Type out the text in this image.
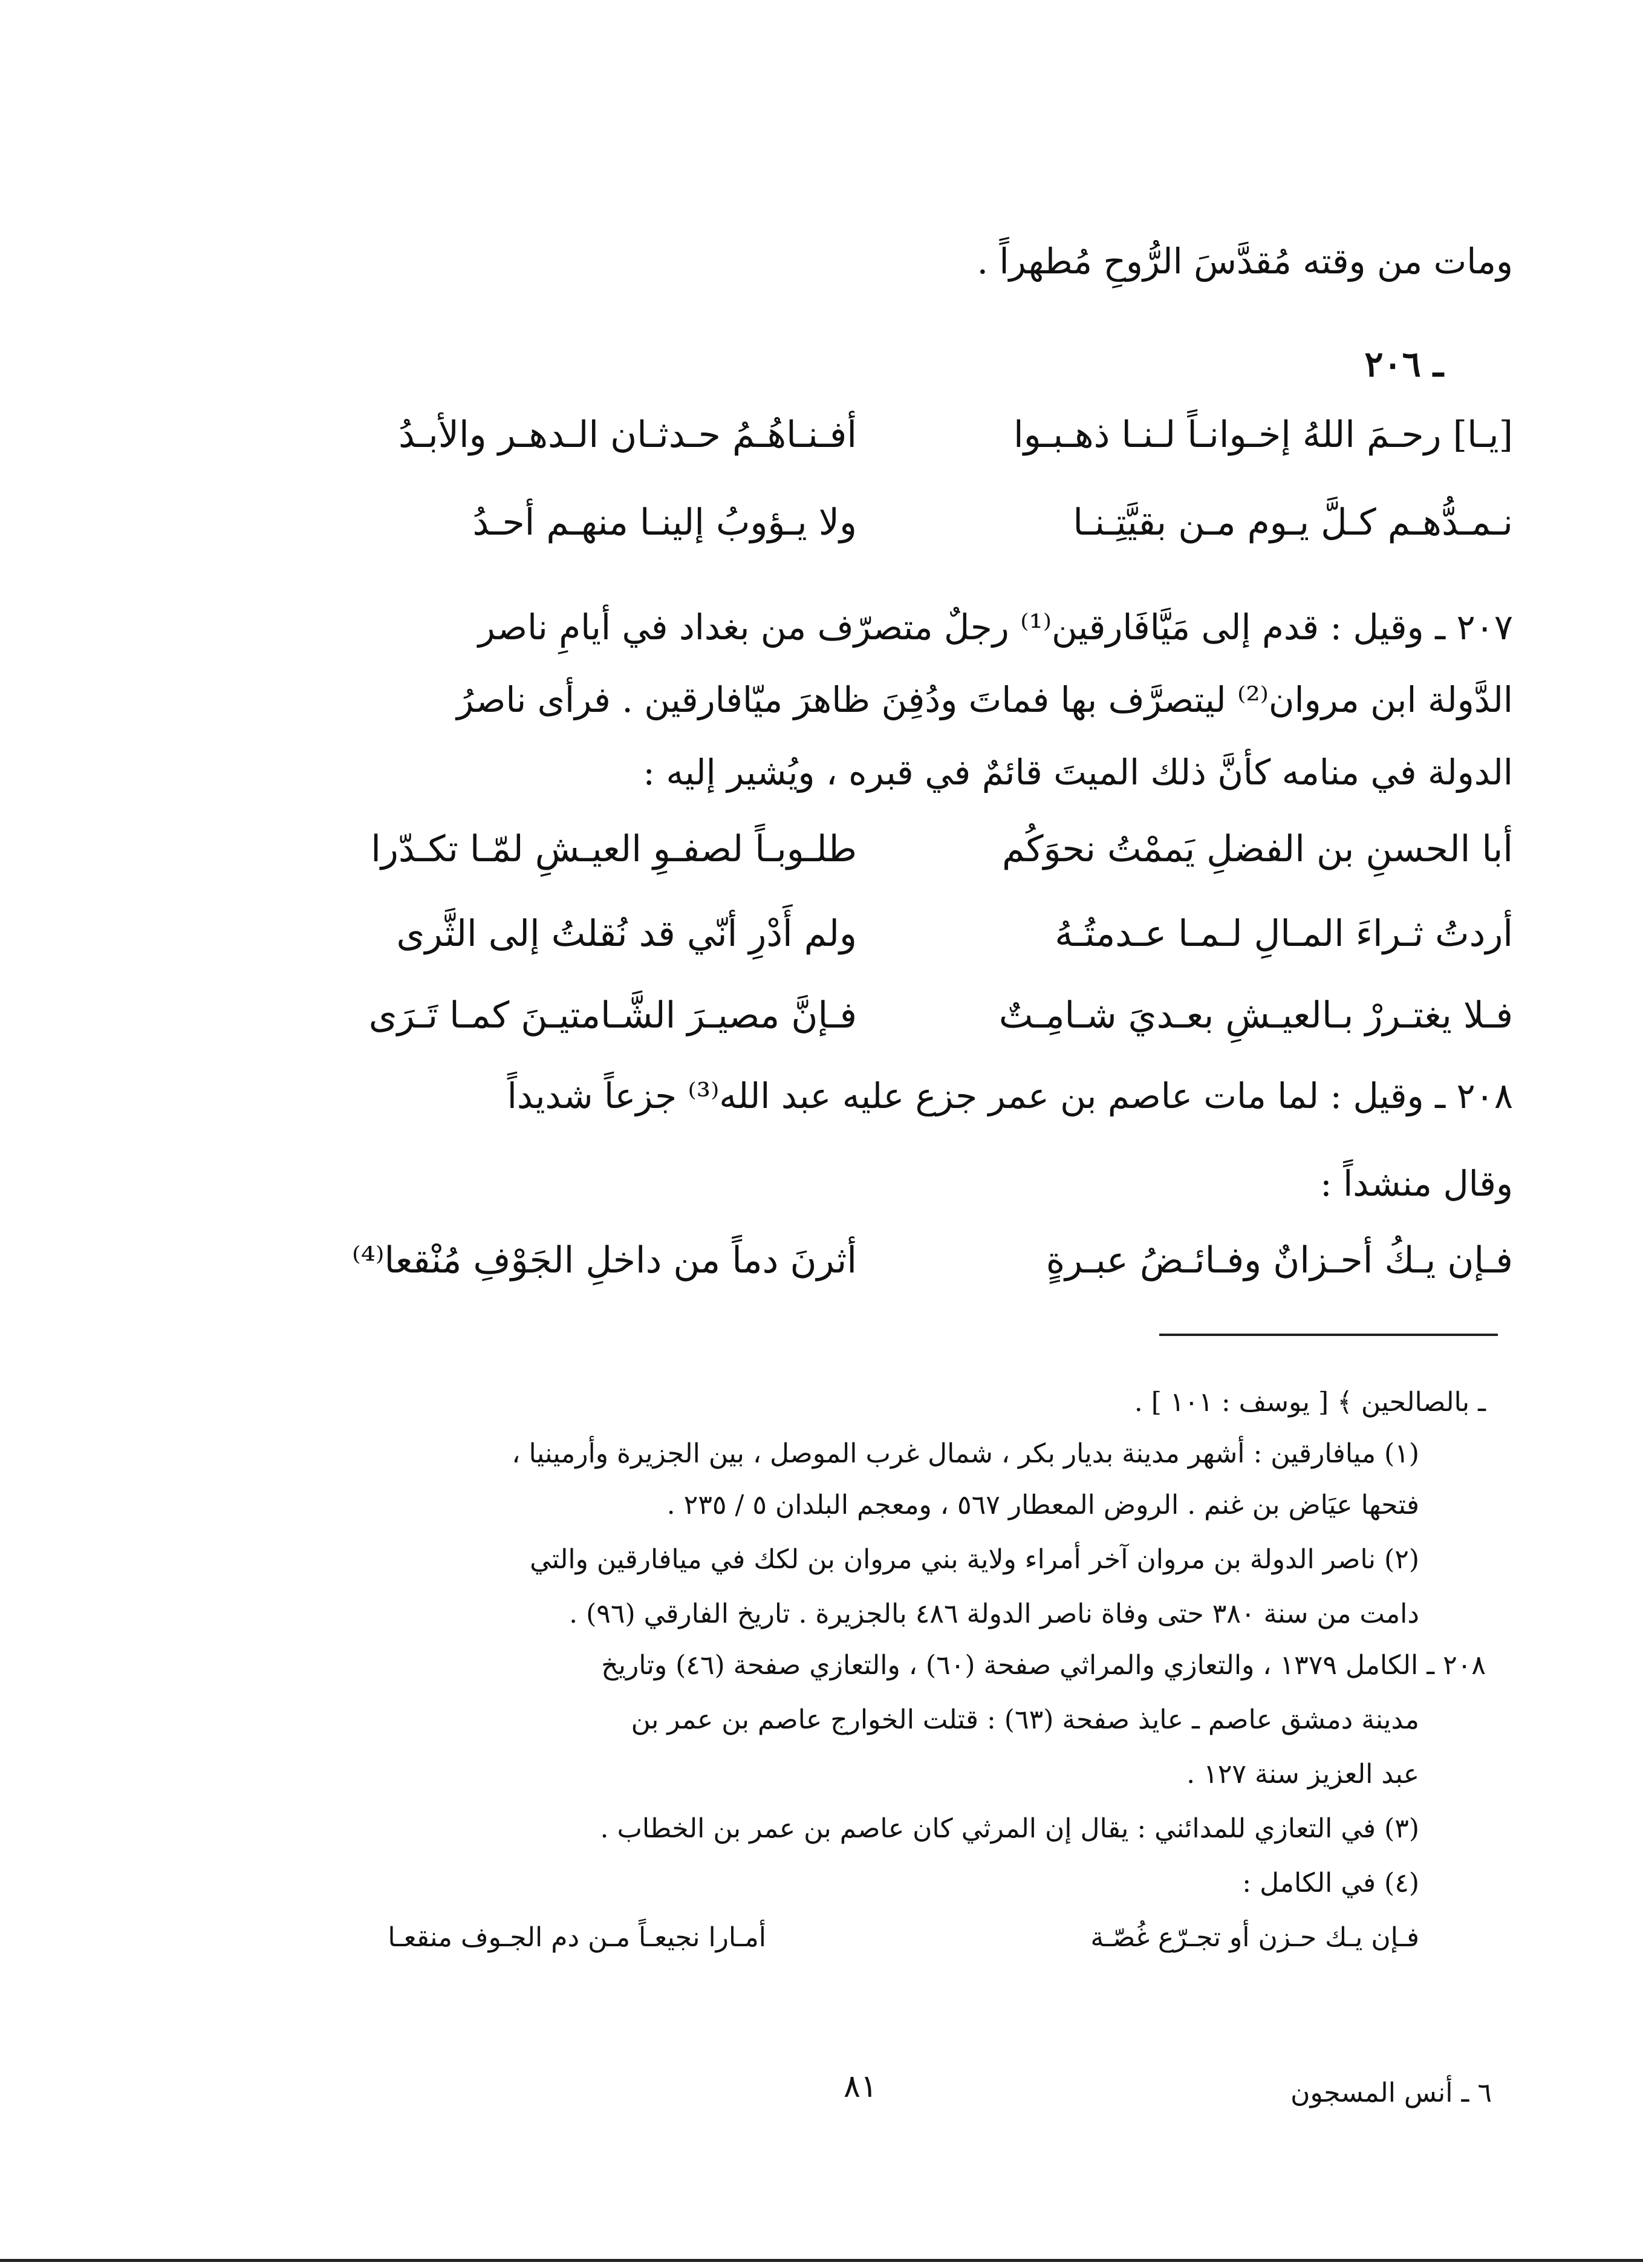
ومات من وقته مُقدَّسَ الرُّوحِ مُطهراً .
ـ ٢٠٦
[يـا] رحـمَ اللهُ إخـوانـاً لـنـا ذهـبـوا
أفـنـاهُـمُ حـدثـان الـدهـر والأبـدُ
نـمـدُّهـم كـلَّ يـوم مـن بقيَّتِـنـا
ولا يـؤوبُ إلينـا منهـم أحـدُ
٢٠٧ ـ وقيل : قدم إلى مَيَّافَارقين⁽¹⁾ رجلٌ متصرّف من بغداد في أيامِ ناصر
الدَّولة ابن مروان⁽²⁾ ليتصرَّف بها فماتَ ودُفِنَ ظاهرَ ميّافارقين . فرأى ناصرُ
الدولة في منامه كأنَّ ذلك الميتَ قائمٌ في قبره ، ويُشير إليه :
أبا الحسنِ بن الفضلِ يَممْتُ نحوَكُم
طلـوبـاً لصفـوِ العيـشِ لمّـا تكـدّرا
أردتُ ثـراءَ المـالِ لـمـا عـدمتُـهُ
ولم أَدْرِ أنّي قد نُقلتُ إلى الثَّرى
فـلا يغتـررْ بـالعيـشِ بعـديَ شـامِـتٌ
فـإنَّ مصيـرَ الشَّـامتيـنَ كمـا تَـرَى
٢٠٨ ـ وقيل : لما مات عاصم بن عمر جزع عليه عبد الله⁽³⁾ جزعاً شديداً
وقال منشداً :
فـإن يـكُ أحـزانٌ وفـائـضُ عبـرةٍ
أثرنَ دماً من داخلِ الجَوْفِ مُنْقعا⁽⁴⁾
ـ بالصالحين ﴾ [ يوسف : ١٠١ ] .
(١) ميافارقين : أشهر مدينة بديار بكر ، شمال غرب الموصل ، بين الجزيرة وأرمينيا ،
فتحها عيَاض بن غنم . الروض المعطار ٥٦٧ ، ومعجم البلدان ٥ / ٢٣٥ .
(٢) ناصر الدولة بن مروان آخر أمراء ولاية بني مروان بن لكك في ميافارقين والتي
دامت من سنة ٣٨٠ حتى وفاة ناصر الدولة ٤٨٦ بالجزيرة . تاريخ الفارقي (٩٦) .
٢٠٨ ـ الكامل ١٣٧٩ ، والتعازي والمراثي صفحة (٦٠) ، والتعازي صفحة (٤٦) وتاريخ
مدينة دمشق عاصم ـ عايذ صفحة (٦٣) : قتلت الخوارج عاصم بن عمر بن
عبد العزيز سنة ١٢٧ .
(٣) في التعازي للمدائني : يقال إن المرثي كان عاصم بن عمر بن الخطاب .
(٤) في الكامل :
فـإن يـك حـزن أو تجـرّع غُصّـة
أمـارا نجيعـاً مـن دم الجـوف منقعـا
٨١	٦ ـ أنس المسجون
